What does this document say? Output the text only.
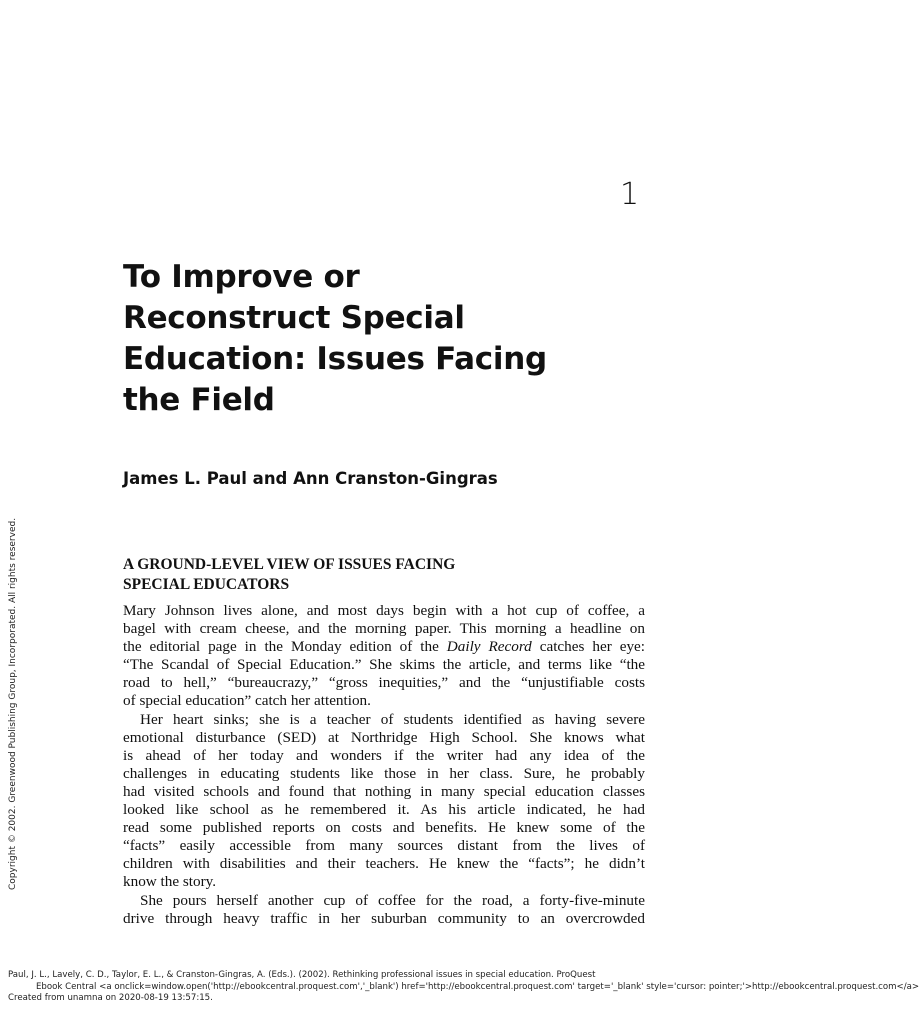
1
To Improve or
Reconstruct Special
Education: Issues Facing
the Field
James L. Paul and Ann Cranston-Gingras
A GROUND-LEVEL VIEW OF ISSUES FACING
SPECIAL EDUCATORS
Mary Johnson lives alone, and most days begin with a hot cup of coffee, a
bagel with cream cheese, and the morning paper. This morning a headline on
the editorial page in the Monday edition of the Daily Record catches her eye:
“The Scandal of Special Education.” She skims the article, and terms like “the
road to hell,” “bureaucrazy,” “gross inequities,” and the “unjustifiable costs
of special education” catch her attention.
Her heart sinks; she is a teacher of students identified as having severe
emotional disturbance (SED) at Northridge High School. She knows what
is ahead of her today and wonders if the writer had any idea of the
challenges in educating students like those in her class. Sure, he probably
had visited schools and found that nothing in many special education classes
looked like school as he remembered it. As his article indicated, he had
read some published reports on costs and benefits. He knew some of the
“facts” easily accessible from many sources distant from the lives of
children with disabilities and their teachers. He knew the “facts”; he didn’t
know the story.
She pours herself another cup of coffee for the road, a forty-five-minute
drive through heavy traffic in her suburban community to an overcrowded
Copyright © 2002. Greenwood Publishing Group, Incorporated. All rights reserved.
Paul, J. L., Lavely, C. D., Taylor, E. L., & Cranston-Gingras, A. (Eds.). (2002). Rethinking professional issues in special education. ProQuest
Ebook Central <a onclick=window.open('http://ebookcentral.proquest.com','_blank') href='http://ebookcentral.proquest.com' target='_blank' style='cursor: pointer;'>http://ebookcentral.proquest.com</a>
Created from unamna on 2020-08-19 13:57:15.
